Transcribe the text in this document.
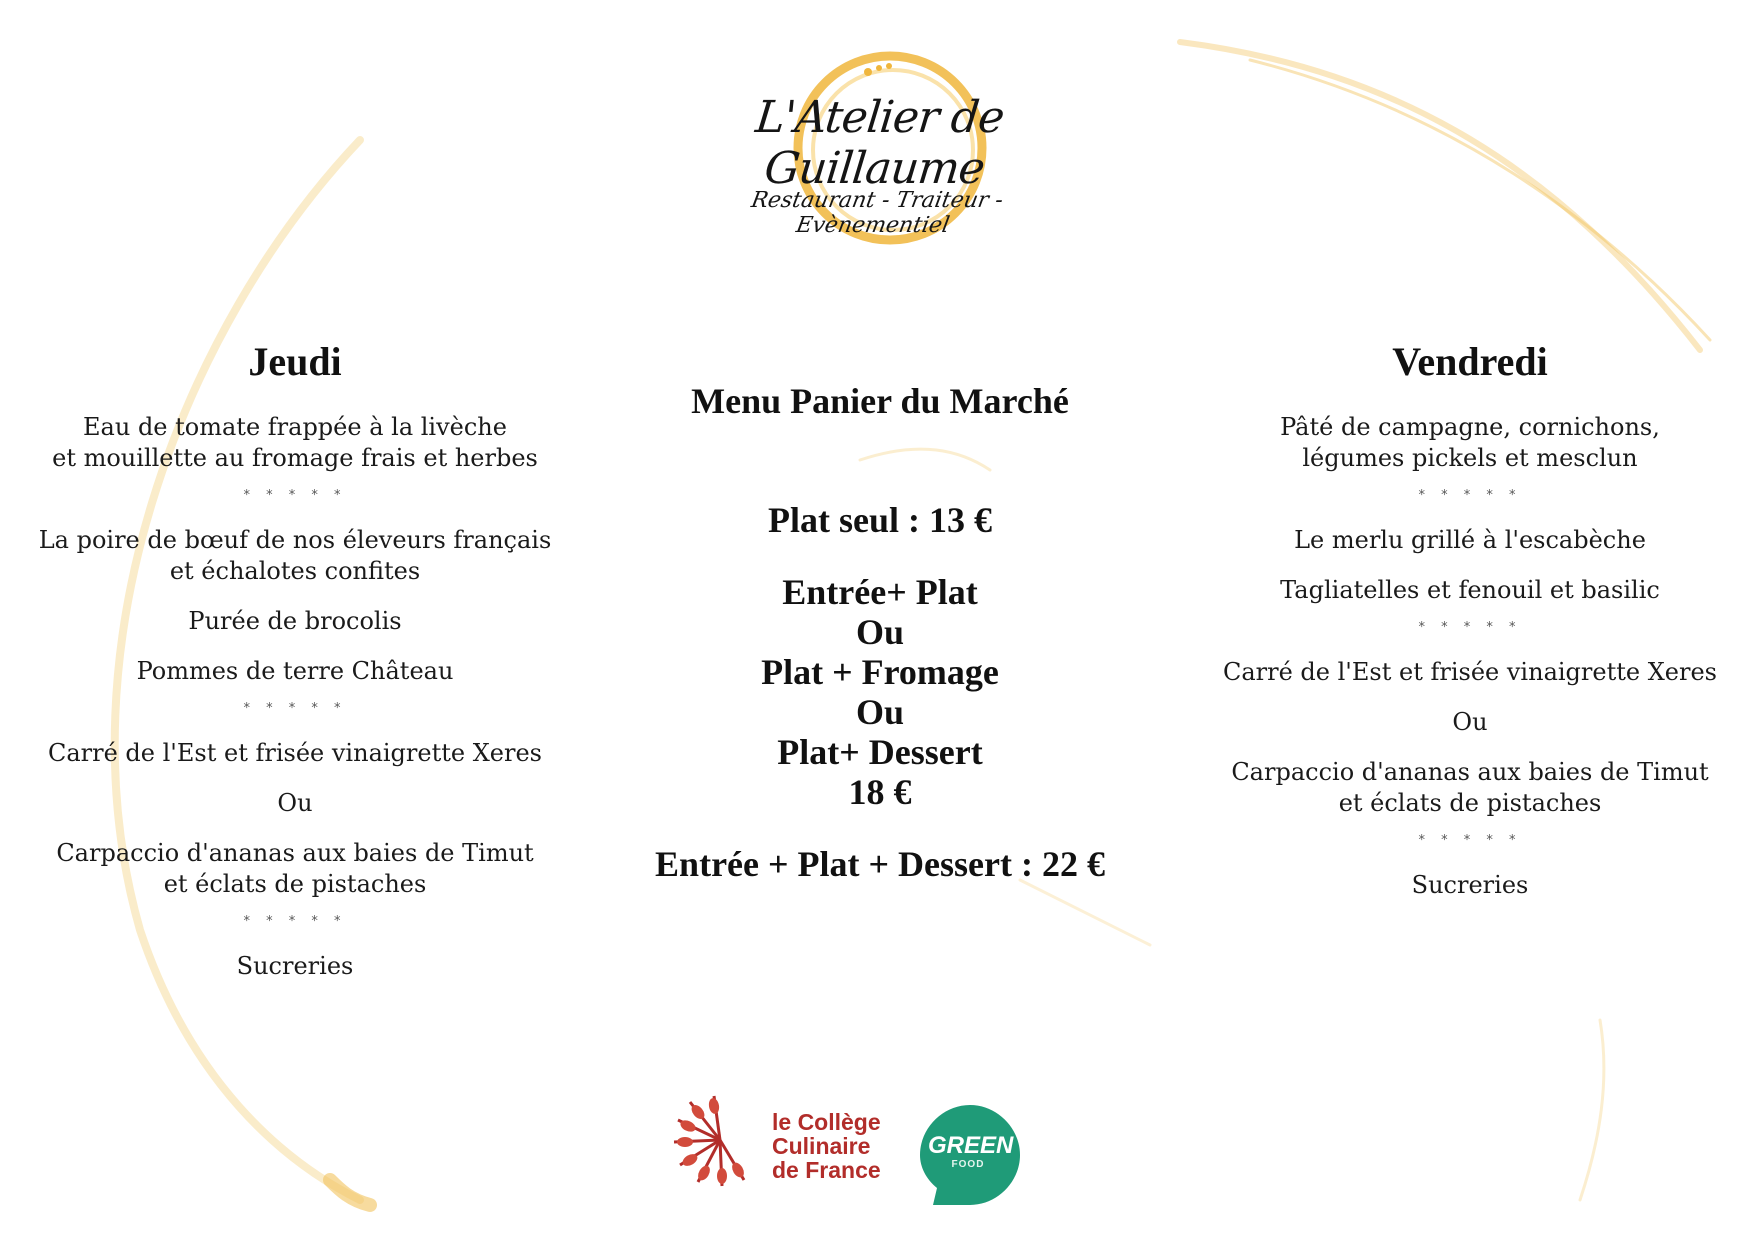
L'Atelier de Guillaume
Restaurant - Traiteur - Evènementiel
Jeudi

Eau de tomate frappée à la livèche
et mouillette au fromage frais et herbes

* * * * *

La poire de bœuf de nos éleveurs français
et échalotes confites

Purée de brocolis

Pommes de terre Château

* * * * *

Carré de l'Est et frisée vinaigrette Xeres

Ou

Carpaccio d'ananas aux baies de Timut
et éclats de pistaches

* * * * *

Sucreries

Menu Panier du Marché
Plat seul : 13 €
Entrée+ Plat
Ou
Plat + Fromage
Ou
Plat+ Dessert
18 €
Entrée + Plat + Dessert : 22 €
Vendredi

Pâté de campagne, cornichons,
légumes pickels et mesclun

* * * * *

Le merlu grillé à l'escabèche

Tagliatelles et fenouil et basilic

* * * * *

Carré de l'Est et frisée vinaigrette Xeres

Ou

Carpaccio d'ananas aux baies de Timut
et éclats de pistaches

* * * * *

Sucreries

le Collège
Culinaire
de France
GREEN
FOOD
